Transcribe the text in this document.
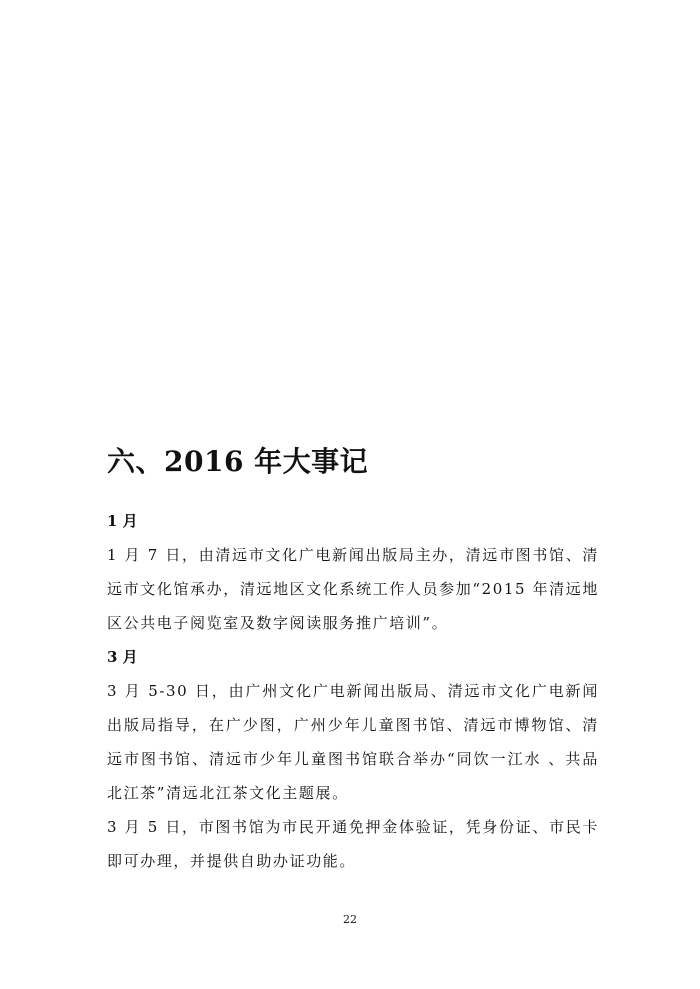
六、2016 年大事记

1 月

1 月 7 日，由清远市文化广电新闻出版局主办，清远市图书馆、清远市文化馆承办，清远地区文化系统工作人员参加“2015 年清远地区公共电子阅览室及数字阅读服务推广培训”。

3 月

3 月 5-30 日，由广州文化广电新闻出版局、清远市文化广电新闻出版局指导，在广少图，广州少年儿童图书馆、清远市博物馆、清远市图书馆、清远市少年儿童图书馆联合举办“同饮一江水 、共品北江茶”清远北江茶文化主题展。

3 月 5 日，市图书馆为市民开通免押金体验证，凭身份证、市民卡即可办理，并提供自助办证功能。

22
